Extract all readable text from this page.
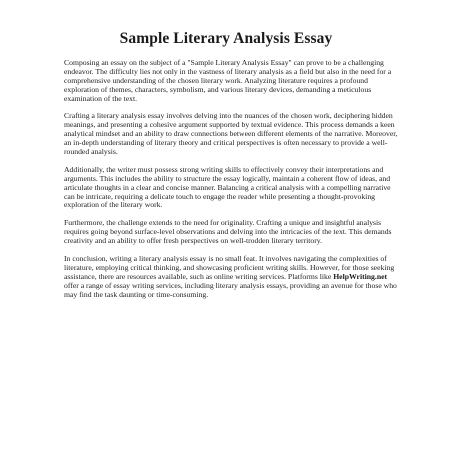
Sample Literary Analysis Essay

Composing an essay on the subject of a "Sample Literary Analysis Essay" can prove to be a challenging endeavor. The difficulty lies not only in the vastness of literary analysis as a field but also in the need for a comprehensive understanding of the chosen literary work. Analyzing literature requires a profound exploration of themes, characters, symbolism, and various literary devices, demanding a meticulous examination of the text.

Crafting a literary analysis essay involves delving into the nuances of the chosen work, deciphering hidden meanings, and presenting a cohesive argument supported by textual evidence. This process demands a keen analytical mindset and an ability to draw connections between different elements of the narrative. Moreover, an in-depth understanding of literary theory and critical perspectives is often necessary to provide a well-rounded analysis.

Additionally, the writer must possess strong writing skills to effectively convey their interpretations and arguments. This includes the ability to structure the essay logically, maintain a coherent flow of ideas, and articulate thoughts in a clear and concise manner. Balancing a critical analysis with a compelling narrative can be intricate, requiring a delicate touch to engage the reader while presenting a thought-provoking exploration of the literary work.

Furthermore, the challenge extends to the need for originality. Crafting a unique and insightful analysis requires going beyond surface-level observations and delving into the intricacies of the text. This demands creativity and an ability to offer fresh perspectives on well-trodden literary territory.

In conclusion, writing a literary analysis essay is no small feat. It involves navigating the complexities of literature, employing critical thinking, and showcasing proficient writing skills. However, for those seeking assistance, there are resources available, such as online writing services. Platforms like HelpWriting.net offer a range of essay writing services, including literary analysis essays, providing an avenue for those who may find the task daunting or time-consuming.
